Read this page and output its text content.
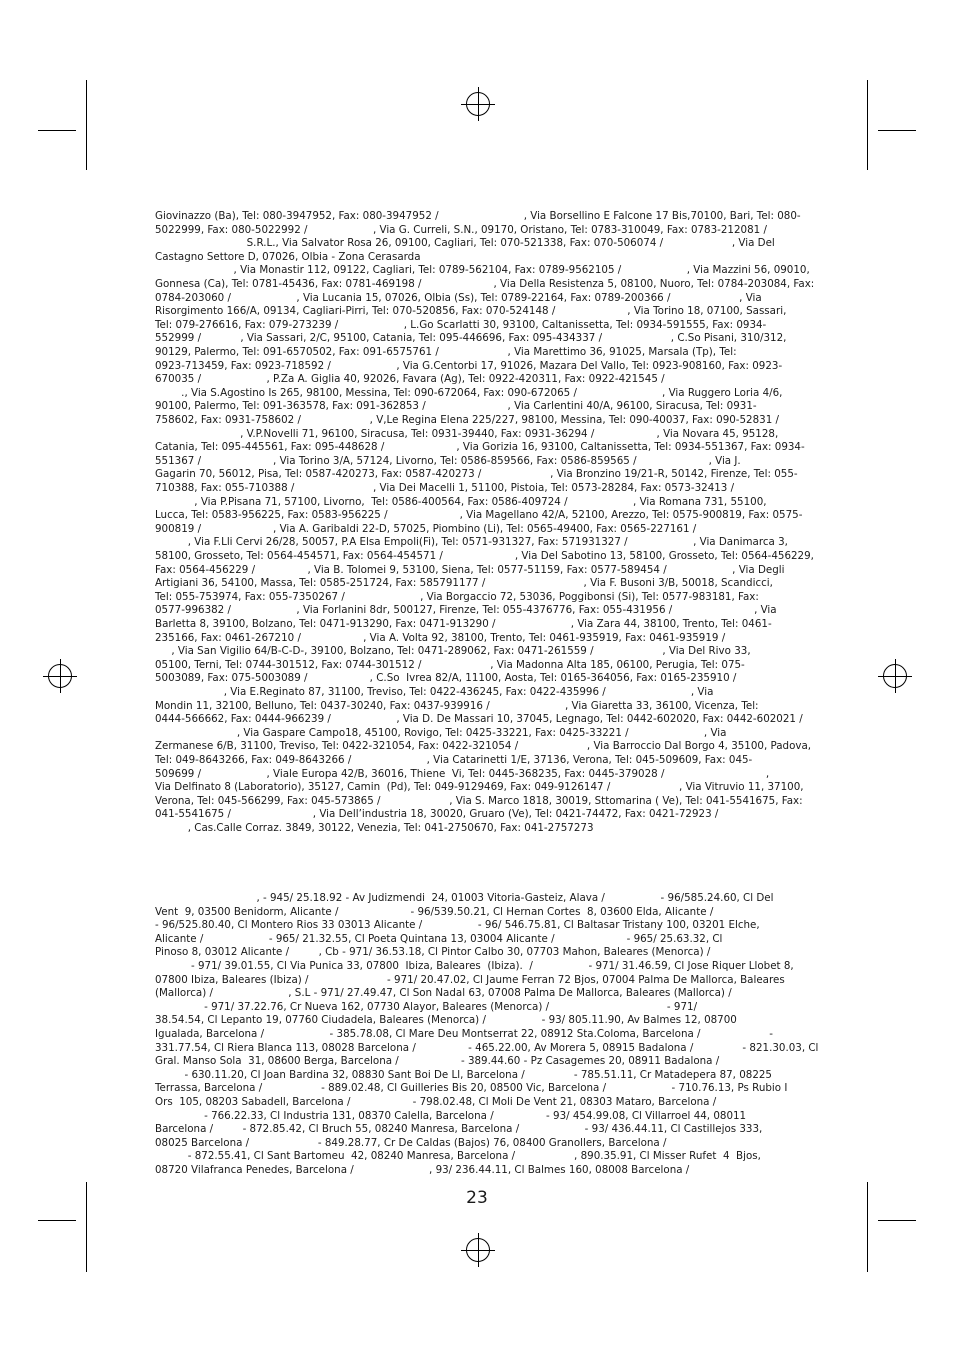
Giovinazzo (Ba), Tel: 080-3947952, Fax: 080-3947952 /                          , Via Borsellino E Falcone 17 Bis,70100, Bari, Tel: 080-
5022999, Fax: 080-5022992 /                    , Via G. Curreli, S.N., 09170, Oristano, Tel: 0783-310049, Fax: 0783-212081 /
S.R.L., Via Salvator Rosa 26, 09100, Cagliari, Tel: 070-521338, Fax: 070-506074 /                     , Via Del
Castagno Settore D, 07026, Olbia - Zona Cerasarda
, Via Monastir 112, 09122, Cagliari, Tel: 0789-562104, Fax: 0789-9562105 /                    , Via Mazzini 56, 09010,
Gonnesa (Ca), Tel: 0781-45436, Fax: 0781-469198 /                      , Via Della Resistenza 5, 08100, Nuoro, Tel: 0784-203084, Fax:
0784-203060 /                    , Via Lucania 15, 07026, Olbia (Ss), Tel: 0789-22164, Fax: 0789-200366 /                     , Via
Risorgimento 166/A, 09134, Cagliari-Pirri, Tel: 070-520856, Fax: 070-524148 /                      , Via Torino 18, 07100, Sassari,
Tel: 079-276616, Fax: 079-273239 /                    , L.Go Scarlatti 30, 93100, Caltanissetta, Tel: 0934-591555, Fax: 0934-
552999 /            , Via Sassari, 2/C, 95100, Catania, Tel: 095-446696, Fax: 095-434337 /                     , C.So Pisani, 310/312,
90129, Palermo, Tel: 091-6570502, Fax: 091-6575761 /                     , Via Marettimo 36, 91025, Marsala (Tp), Tel:
0923-713459, Fax: 0923-718592 /                    , Via G.Centorbi 17, 91026, Mazara Del Vallo, Tel: 0923-908160, Fax: 0923-
670035 /                    , P.Za A. Giglia 40, 92026, Favara (Ag), Tel: 0922-420311, Fax: 0922-421545 /
., Via S.Agostino Is 265, 98100, Messina, Tel: 090-672064, Fax: 090-672065 /                          , Via Ruggero Loria 4/6,
90100, Palermo, Tel: 091-363578, Fax: 091-362853 /                         , Via Carlentini 40/A, 96100, Siracusa, Tel: 0931-
758602, Fax: 0931-758602 /                     , V,Le Regina Elena 225/227, 98100, Messina, Tel: 090-40037, Fax: 090-52831 /
, V.P.Novelli 71, 96100, Siracusa, Tel: 0931-39440, Fax: 0931-36294 /                   , Via Novara 45, 95128,
Catania, Tel: 095-445561, Fax: 095-448628 /                      , Via Gorizia 16, 93100, Caltanissetta, Tel: 0934-551367, Fax: 0934-
551367 /                      , Via Torino 3/A, 57124, Livorno, Tel: 0586-859566, Fax: 0586-859565 /                      , Via J.
Gagarin 70, 56012, Pisa, Tel: 0587-420273, Fax: 0587-420273 /                     , Via Bronzino 19/21-R, 50142, Firenze, Tel: 055-
710388, Fax: 055-710388 /                        , Via Dei Macelli 1, 51100, Pistoia, Tel: 0573-28284, Fax: 0573-32413 /
, Via P.Pisana 71, 57100, Livorno,  Tel: 0586-400564, Fax: 0586-409724 /                    , Via Romana 731, 55100,
Lucca, Tel: 0583-956225, Fax: 0583-956225 /                      , Via Magellano 42/A, 52100, Arezzo, Tel: 0575-900819, Fax: 0575-
900819 /                      , Via A. Garibaldi 22-D, 57025, Piombino (Li), Tel: 0565-49400, Fax: 0565-227161 /
, Via F.Lli Cervi 26/28, 50057, P.A Elsa Empoli(Fi), Tel: 0571-931327, Fax: 571931327 /                    , Via Danimarca 3,
58100, Grosseto, Tel: 0564-454571, Fax: 0564-454571 /                      , Via Del Sabotino 13, 58100, Grosseto, Tel: 0564-456229,
Fax: 0564-456229 /                , Via B. Tolomei 9, 53100, Siena, Tel: 0577-51159, Fax: 0577-589454 /                    , Via Degli
Artigiani 36, 54100, Massa, Tel: 0585-251724, Fax: 585791177 /                              , Via F. Busoni 3/B, 50018, Scandicci,
Tel: 055-753974, Fax: 055-7350267 /                       , Via Borgaccio 72, 53036, Poggibonsi (Si), Tel: 0577-983181, Fax:
0577-996382 /                    , Via Forlanini 8dr, 500127, Firenze, Tel: 055-4376776, Fax: 055-431956 /                         , Via
Barletta 8, 39100, Bolzano, Tel: 0471-913290, Fax: 0471-913290 /                       , Via Zara 44, 38100, Trento, Tel: 0461-
235166, Fax: 0461-267210 /                   , Via A. Volta 92, 38100, Trento, Tel: 0461-935919, Fax: 0461-935919 /
, Via San Vigilio 64/B-C-D-, 39100, Bolzano, Tel: 0471-289062, Fax: 0471-261559 /                     , Via Del Rivo 33,
05100, Terni, Tel: 0744-301512, Fax: 0744-301512 /                     , Via Madonna Alta 185, 06100, Perugia, Tel: 075-
5003089, Fax: 075-5003089 /                   , C.So  Ivrea 82/A, 11100, Aosta, Tel: 0165-364056, Fax: 0165-235910 /
, Via E.Reginato 87, 31100, Treviso, Tel: 0422-436245, Fax: 0422-435996 /                          , Via
Mondin 11, 32100, Belluno, Tel: 0437-30240, Fax: 0437-939916 /                       , Via Giaretta 33, 36100, Vicenza, Tel:
0444-566662, Fax: 0444-966239 /                    , Via D. De Massari 10, 37045, Legnago, Tel: 0442-602020, Fax: 0442-602021 /
, Via Gaspare Campo18, 45100, Rovigo, Tel: 0425-33221, Fax: 0425-33221 /                       , Via
Zermanese 6/B, 31100, Treviso, Tel: 0422-321054, Fax: 0422-321054 /                     , Via Barroccio Dal Borgo 4, 35100, Padova,
Tel: 049-8643266, Fax: 049-8643266 /                       , Via Catarinetti 1/E, 37136, Verona, Tel: 045-509609, Fax: 045-
509699 /                    , Viale Europa 42/B, 36016, Thiene  Vi, Tel: 0445-368235, Fax: 0445-379028 /                               ,
Via Delfinato 8 (Laboratorio), 35127, Camin  (Pd), Tel: 049-9129469, Fax: 049-9126147 /                     , Via Vitruvio 11, 37100,
Verona, Tel: 045-566299, Fax: 045-573865 /                     , Via S. Marco 1818, 30019, Sttomarina ( Ve), Tel: 041-5541675, Fax:
041-5541675 /                         , Via Dell’industria 18, 30020, Gruaro (Ve), Tel: 0421-74472, Fax: 0421-72923 /
, Cas.Calle Corraz. 3849, 30122, Venezia, Tel: 041-2750670, Fax: 041-2757273
, - 945/ 25.18.92 - Av Judizmendi  24, 01003 Vitoria-Gasteiz, Alava /                 - 96/585.24.60, Cl Del
Vent  9, 03500 Benidorm, Alicante /                      - 96/539.50.21, Cl Hernan Cortes  8, 03600 Elda, Alicante /
- 96/525.80.40, Cl Montero Rios 33 03013 Alicante /                 - 96/ 546.75.81, Cl Baltasar Tristany 100, 03201 Elche,
Alicante /                    - 965/ 21.32.55, Cl Poeta Quintana 13, 03004 Alicante /                      - 965/ 25.63.32, Cl
Pinoso 8, 03012 Alicante /         , Cb - 971/ 36.53.18, Cl Pintor Calbo 30, 07703 Mahon, Baleares (Menorca) /
- 971/ 39.01.55, Cl Via Punica 33, 07800  Ibiza, Baleares  (Ibiza).  /                 - 971/ 31.46.59, Cl Jose Riquer Llobet 8,
07800 Ibiza, Baleares (Ibiza) /                        - 971/ 20.47.02, Cl Jaume Ferran 72 Bjos, 07004 Palma De Mallorca, Baleares
(Mallorca) /                       , S.L - 971/ 27.49.47, Cl Son Nadal 63, 07008 Palma De Mallorca, Baleares (Mallorca) /
- 971/ 37.22.76, Cr Nueva 162, 07730 Alayor, Baleares (Menorca) /                                    - 971/
38.54.54, Cl Lepanto 19, 07760 Ciudadela, Baleares (Menorca) /                 - 93/ 805.11.90, Av Balmes 12, 08700
Igualada, Barcelona /                    - 385.78.08, Cl Mare Deu Montserrat 22, 08912 Sta.Coloma, Barcelona /                     -
331.77.54, Cl Riera Blanca 113, 08028 Barcelona /                - 465.22.00, Av Morera 5, 08915 Badalona /               - 821.30.03, Cl
Gral. Manso Sola  31, 08600 Berga, Barcelona /                   - 389.44.60 - Pz Casagemes 20, 08911 Badalona /
- 630.11.20, Cl Joan Bardina 32, 08830 Sant Boi De Ll, Barcelona /               - 785.51.11, Cr Matadepera 87, 08225
Terrassa, Barcelona /                  - 889.02.48, Cl Guilleries Bis 20, 08500 Vic, Barcelona /                    - 710.76.13, Ps Rubio I
Ors  105, 08203 Sabadell, Barcelona /                   - 798.02.48, Cl Moli De Vent 21, 08303 Mataro, Barcelona /
- 766.22.33, Cl Industria 131, 08370 Calella, Barcelona /                - 93/ 454.99.08, Cl Villarroel 44, 08011
Barcelona /         - 872.85.42, Cl Bruch 55, 08240 Manresa, Barcelona /                    - 93/ 436.44.11, Cl Castillejos 333,
08025 Barcelona /                     - 849.28.77, Cr De Caldas (Bajos) 76, 08400 Granollers, Barcelona /
- 872.55.41, Cl Sant Bartomeu  42, 08240 Manresa, Barcelona /                  , 890.35.91, Cl Misser Rufet  4  Bjos,
08720 Vilafranca Penedes, Barcelona /                       , 93/ 236.44.11, Cl Balmes 160, 08008 Barcelona /
23
